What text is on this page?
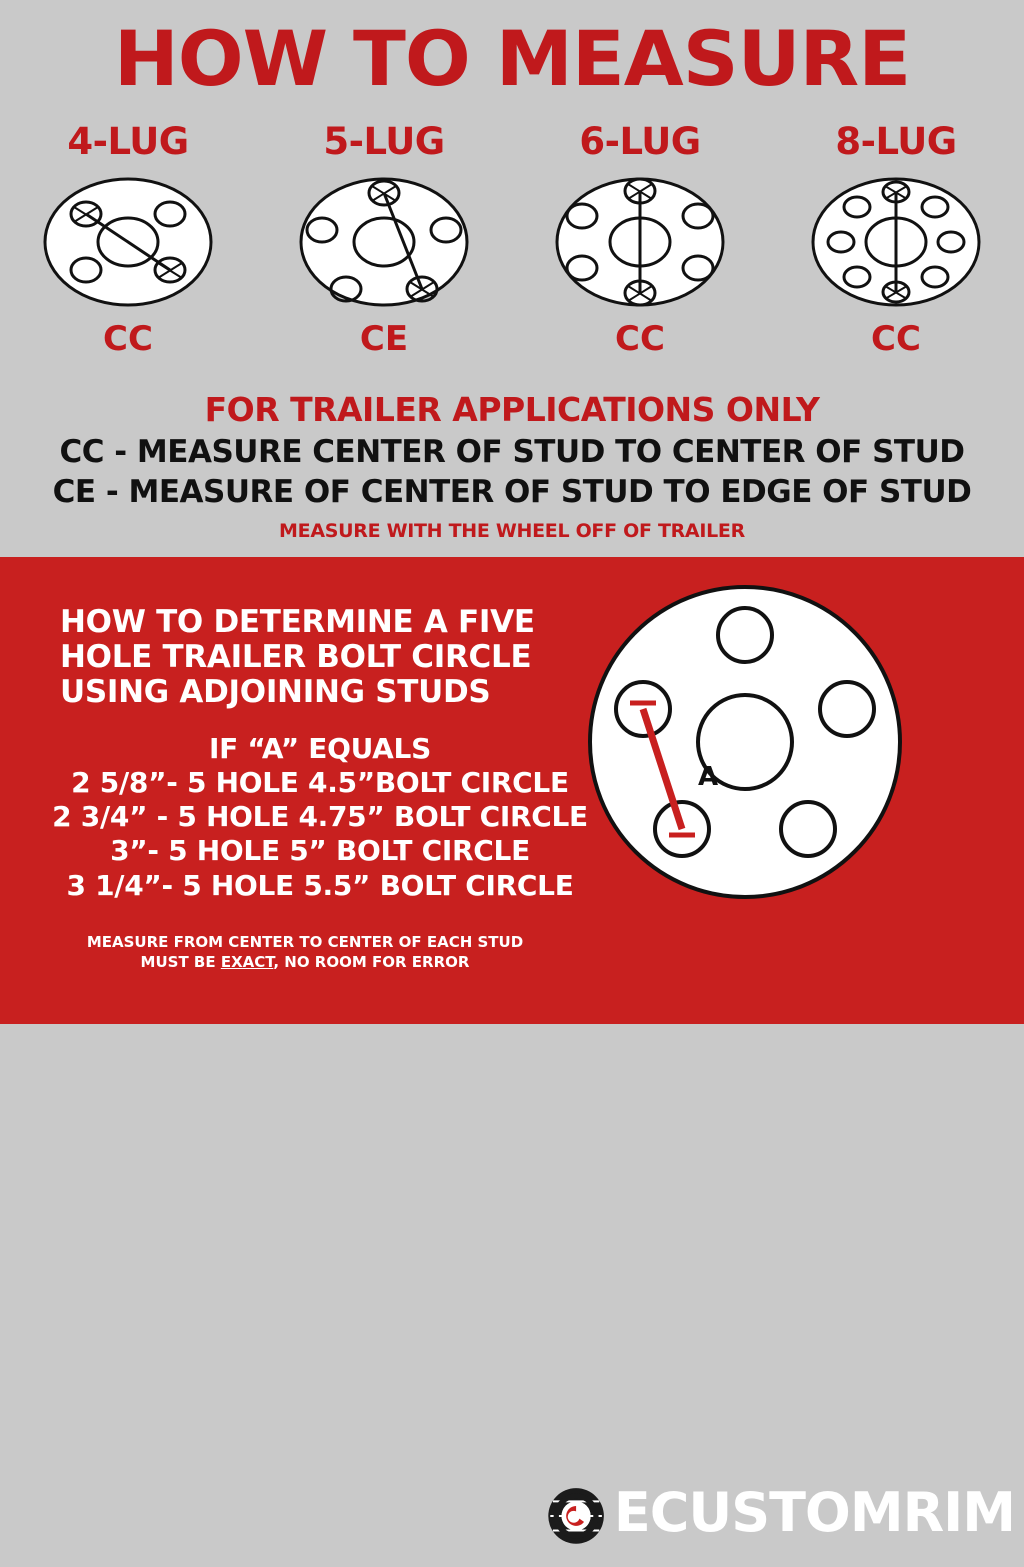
HOW TO MEASURE
4-LUG
CC
5-LUG
CE
6-LUG
CC
8-LUG
CC
FOR TRAILER APPLICATIONS ONLY
CC - MEASURE CENTER OF STUD TO CENTER OF STUD
CE - MEASURE OF CENTER OF STUD TO EDGE OF STUD
MEASURE WITH THE WHEEL OFF OF TRAILER
HOW TO DETERMINE A FIVE
HOLE TRAILER BOLT CIRCLE
USING ADJOINING STUDS
IF “A” EQUALS
2 5/8”- 5 HOLE 4.5”BOLT CIRCLE
2 3/4” - 5 HOLE 4.75” BOLT CIRCLE
3”- 5 HOLE 5” BOLT CIRCLE
3 1/4”- 5 HOLE 5.5” BOLT CIRCLE
MEASURE FROM CENTER TO CENTER OF EACH STUD
MUST BE EXACT, NO ROOM FOR ERROR
A
ECUSTOMRIM
